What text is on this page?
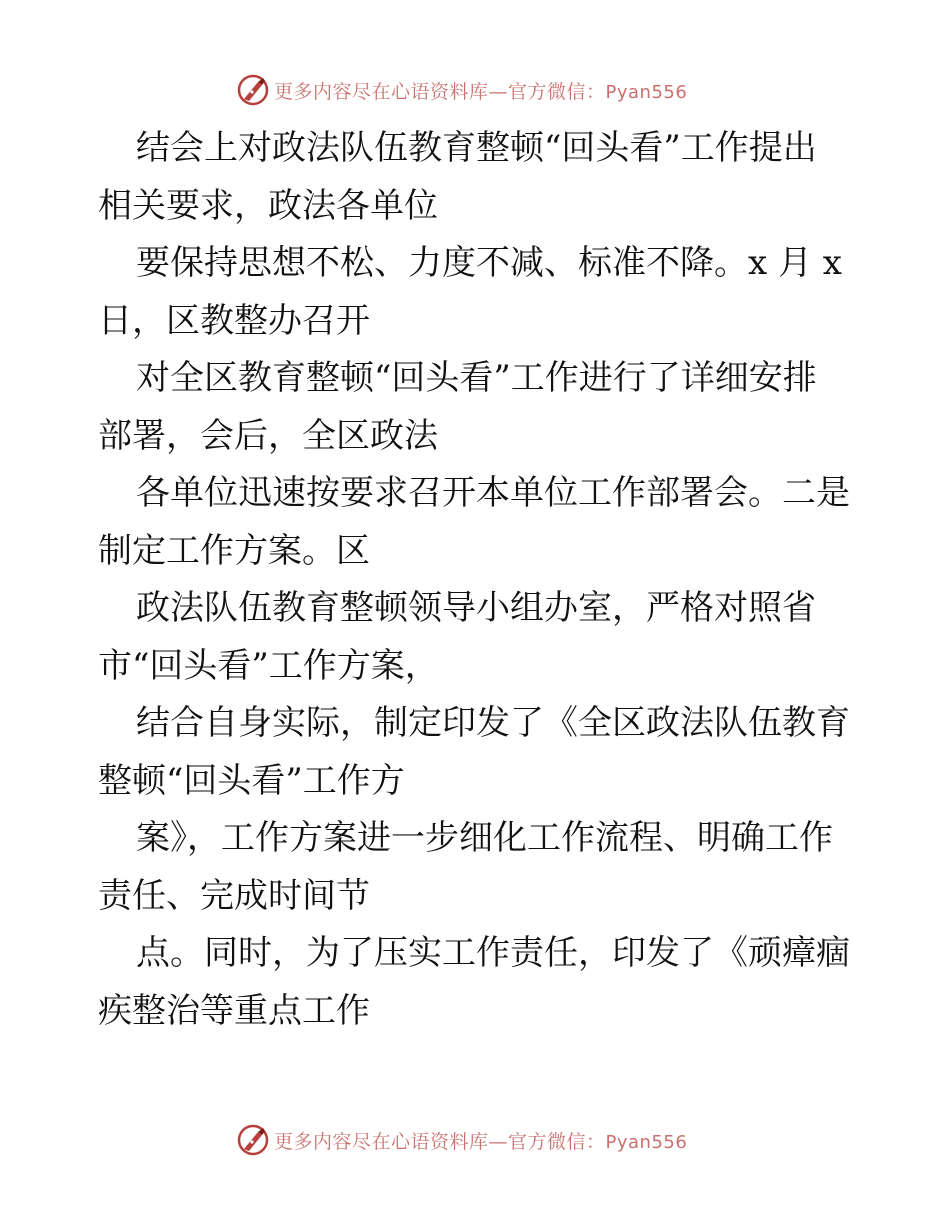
更多内容尽在心语资料库—官方微信：Pyan556
结会上对政法队伍教育整顿“回头看”工作提出
相关要求，政法各单位
要保持思想不松、力度不减、标准不降。x 月 x
日，区教整办召开
对全区教育整顿“回头看”工作进行了详细安排
部署，会后，全区政法
各单位迅速按要求召开本单位工作部署会。二是
制定工作方案。区
政法队伍教育整顿领导小组办室，严格对照省
市“回头看”工作方案，
结合自身实际，制定印发了《全区政法队伍教育
整顿“回头看”工作方
案》，工作方案进一步细化工作流程、明确工作
责任、完成时间节
点。同时，为了压实工作责任，印发了《顽瘴痼
疾整治等重点工作
更多内容尽在心语资料库—官方微信：Pyan556
